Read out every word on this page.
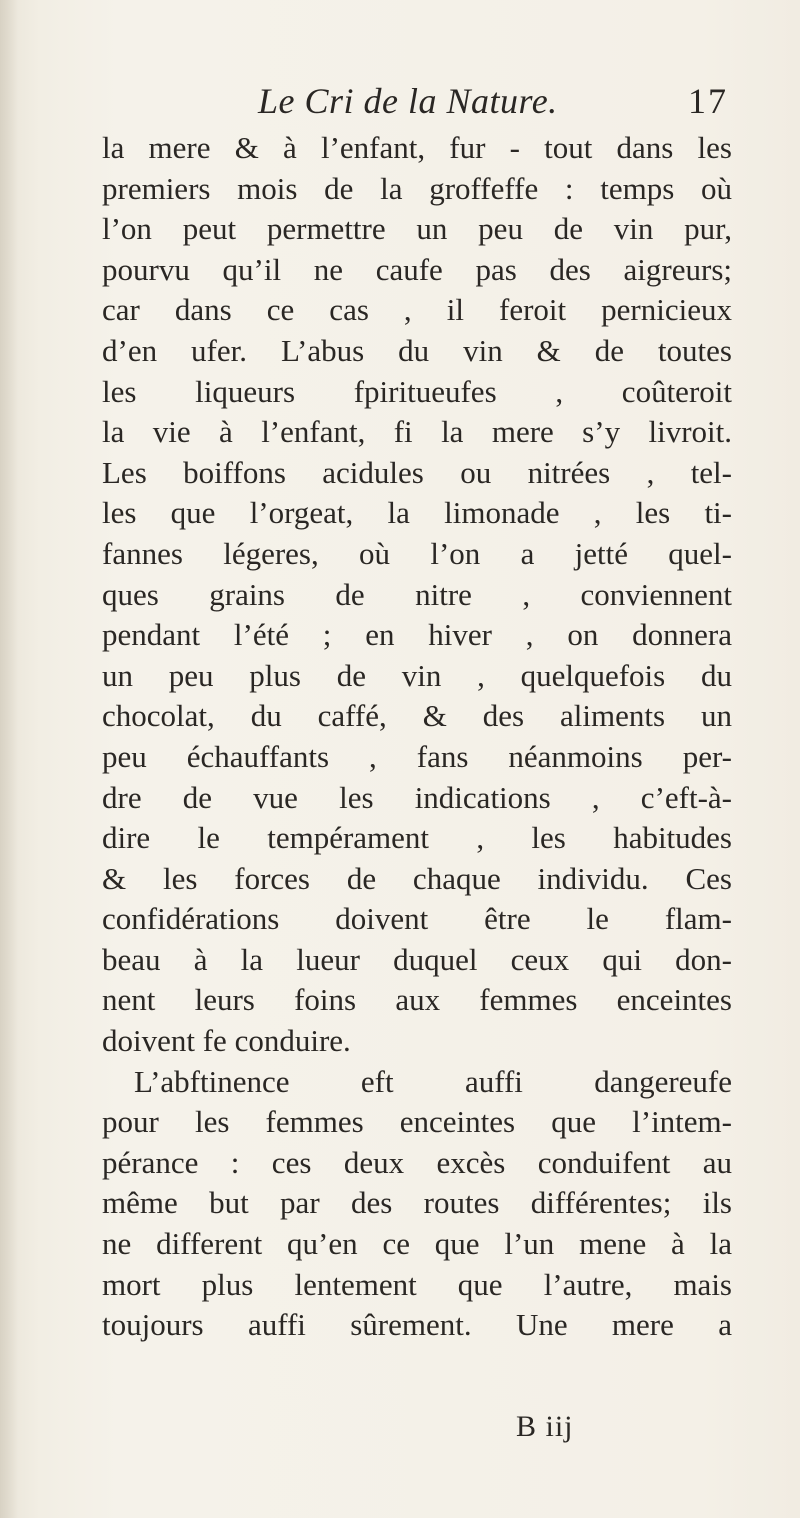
Le Cri de la Nature.	17
la mere & à l’enfant, fur - tout dans les
premiers mois de la groffeffe : temps où
l’on peut permettre un peu de vin pur,
pourvu qu’il ne caufe pas des aigreurs;
car dans ce cas , il feroit pernicieux
d’en ufer. L’abus du vin & de toutes
les liqueurs fpiritueufes , coûteroit
la vie à l’enfant, fi la mere s’y livroit.
Les boiffons acidules ou nitrées , tel-
les que l’orgeat, la limonade , les ti-
fannes légeres, où l’on a jetté quel-
ques grains de nitre , conviennent
pendant l’été ; en hiver , on donnera
un peu plus de vin , quelquefois du
chocolat, du caffé, & des aliments un
peu échauffants , fans néanmoins per-
dre de vue les indications , c’eft-à-
dire le tempérament , les habitudes
& les forces de chaque individu. Ces
confidérations doivent être le flam-
beau à la lueur duquel ceux qui don-
nent leurs foins aux femmes enceintes
doivent fe conduire.
L’abftinence eft auffi dangereufe
pour les femmes enceintes que l’intem-
pérance : ces deux excès conduifent au
même but par des routes différentes; ils
ne different qu’en ce que l’un mene à la
mort plus lentement que l’autre, mais
toujours auffi sûrement. Une mere a
B iij
